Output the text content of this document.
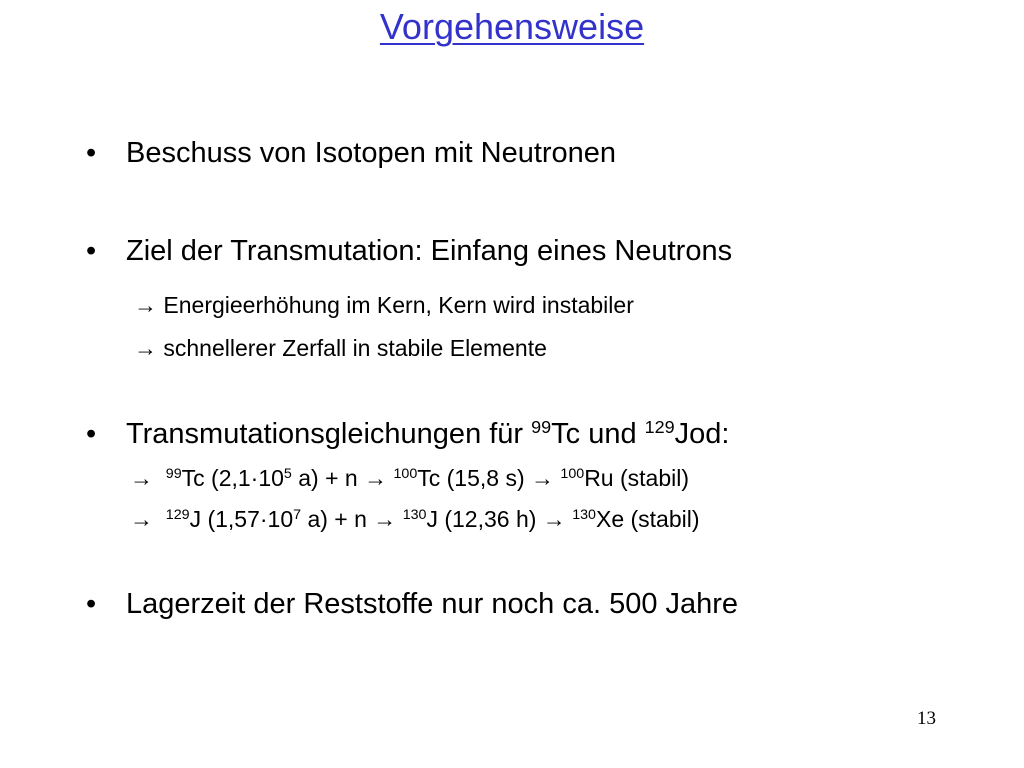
Vorgehensweise
• Beschuss von Isotopen mit Neutronen
• Ziel der Transmutation: Einfang eines Neutrons
→ Energieerhöhung im Kern, Kern wird instabiler
→ schnellerer Zerfall in stabile Elemente
• Transmutationsgleichungen für $^{99}$Tc und $^{129}$Jod:
→ $^{99}$Tc ($2,1\cdot 10^5$ a) + n → $^{100}$Tc (15,8 s) → $^{100}$Ru (stabil)
→ $^{129}$J ($1,57\cdot 10^7$ a) + n → $^{130}$J (12,36 h) → $^{130}$Xe (stabil)
• Lagerzeit der Reststoffe nur noch ca. 500 Jahre
13
